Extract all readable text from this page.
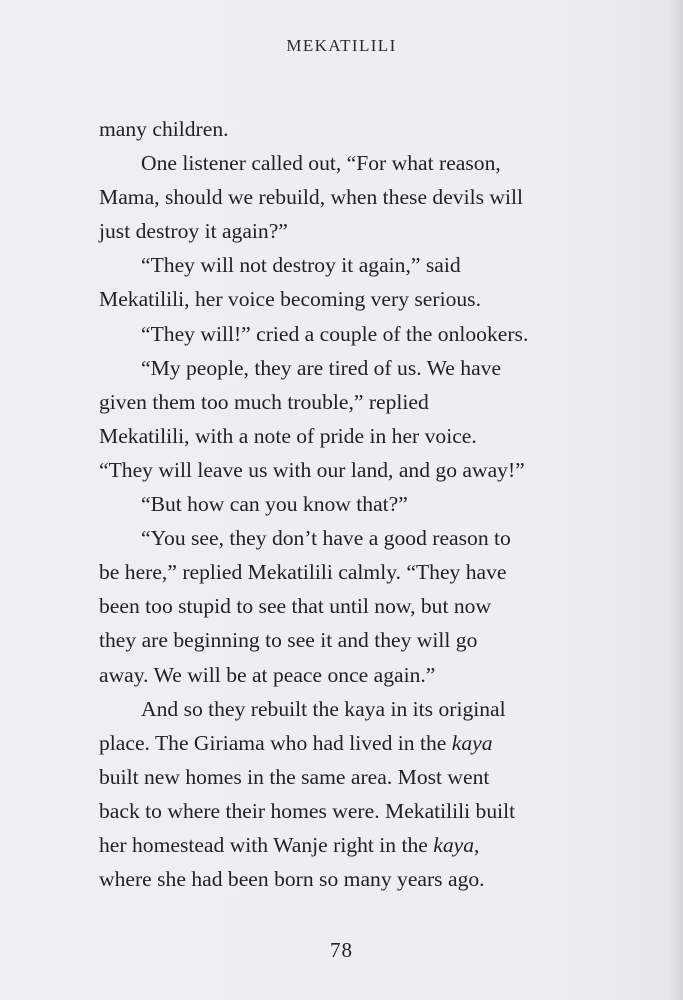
MEKATILILI
many children.
One listener called out, “For what reason,
Mama, should we rebuild, when these devils will
just destroy it again?”
“They will not destroy it again,” said
Mekatilili, her voice becoming very serious.
“They will!” cried a couple of the onlookers.
“My people, they are tired of us. We have
given them too much trouble,” replied
Mekatilili, with a note of pride in her voice.
“They will leave us with our land, and go away!”
“But how can you know that?”
“You see, they don’t have a good reason to
be here,” replied Mekatilili calmly. “They have
been too stupid to see that until now, but now
they are beginning to see it and they will go
away. We will be at peace once again.”
And so they rebuilt the kaya in its original
place. The Giriama who had lived in the kaya
built new homes in the same area. Most went
back to where their homes were. Mekatilili built
her homestead with Wanje right in the kaya,
where she had been born so many years ago.
78
